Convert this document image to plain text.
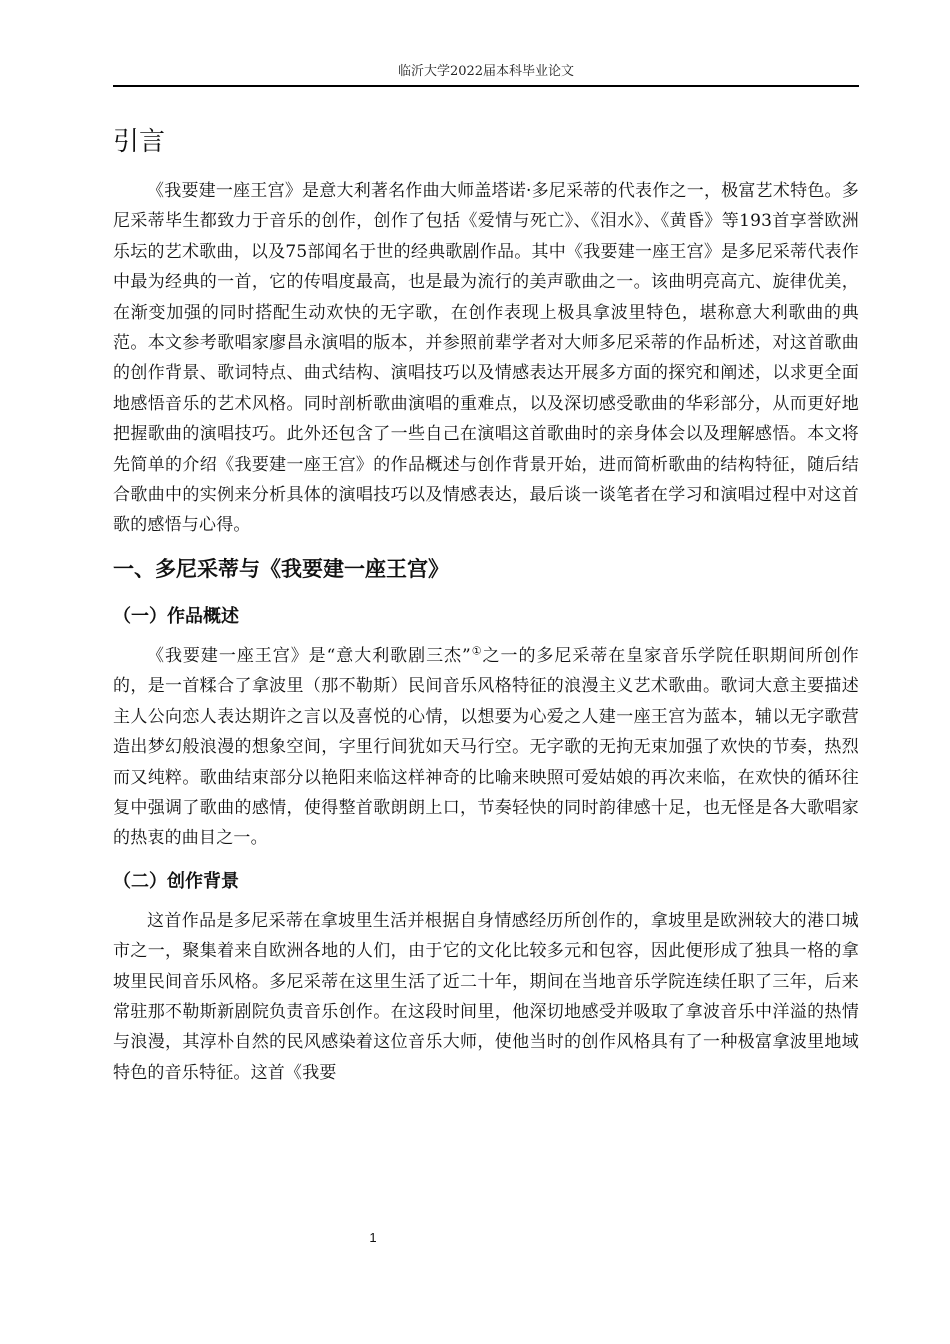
临沂大学2022届本科毕业论文
引言

《我要建一座王宫》是意大利著名作曲大师盖塔诺·多尼采蒂的代表作之一，极富艺术特色。多尼采蒂毕生都致力于音乐的创作，创作了包括《爱情与死亡》、《泪水》、《黄昏》等193首享誉欧洲乐坛的艺术歌曲，以及75部闻名于世的经典歌剧作品。其中《我要建一座王宫》是多尼采蒂代表作中最为经典的一首，它的传唱度最高，也是最为流行的美声歌曲之一。该曲明亮高亢、旋律优美，在渐变加强的同时搭配生动欢快的无字歌，在创作表现上极具拿波里特色，堪称意大利歌曲的典范。本文参考歌唱家廖昌永演唱的版本，并参照前辈学者对大师多尼采蒂的作品析述，对这首歌曲的创作背景、歌词特点、曲式结构、演唱技巧以及情感表达开展多方面的探究和阐述，以求更全面地感悟音乐的艺术风格。同时剖析歌曲演唱的重难点，以及深切感受歌曲的华彩部分，从而更好地把握歌曲的演唱技巧。此外还包含了一些自己在演唱这首歌曲时的亲身体会以及理解感悟。本文将先简单的介绍《我要建一座王宫》的作品概述与创作背景开始，进而简析歌曲的结构特征，随后结合歌曲中的实例来分析具体的演唱技巧以及情感表达，最后谈一谈笔者在学习和演唱过程中对这首歌的感悟与心得。

一、多尼采蒂与《我要建一座王宫》
（一）作品概述

《我要建一座王宫》是“意大利歌剧三杰”①之一的多尼采蒂在皇家音乐学院任职期间所创作的，是一首糅合了拿波里（那不勒斯）民间音乐风格特征的浪漫主义艺术歌曲。歌词大意主要描述主人公向恋人表达期许之言以及喜悦的心情，以想要为心爱之人建一座王宫为蓝本，辅以无字歌营造出梦幻般浪漫的想象空间，字里行间犹如天马行空。无字歌的无拘无束加强了欢快的节奏，热烈而又纯粹。歌曲结束部分以艳阳来临这样神奇的比喻来映照可爱姑娘的再次来临，在欢快的循环往复中强调了歌曲的感情，使得整首歌朗朗上口，节奏轻快的同时韵律感十足，也无怪是各大歌唱家的热衷的曲目之一。

（二）创作背景

这首作品是多尼采蒂在拿坡里生活并根据自身情感经历所创作的，拿坡里是欧洲较大的港口城市之一，聚集着来自欧洲各地的人们，由于它的文化比较多元和包容，因此便形成了独具一格的拿坡里民间音乐风格。多尼采蒂在这里生活了近二十年，期间在当地音乐学院连续任职了三年，后来常驻那不勒斯新剧院负责音乐创作。在这段时间里，他深切地感受并吸取了拿波音乐中洋溢的热情与浪漫，其淳朴自然的民风感染着这位音乐大师，使他当时的创作风格具有了一种极富拿波里地域特色的音乐特征。这首《我要

1
